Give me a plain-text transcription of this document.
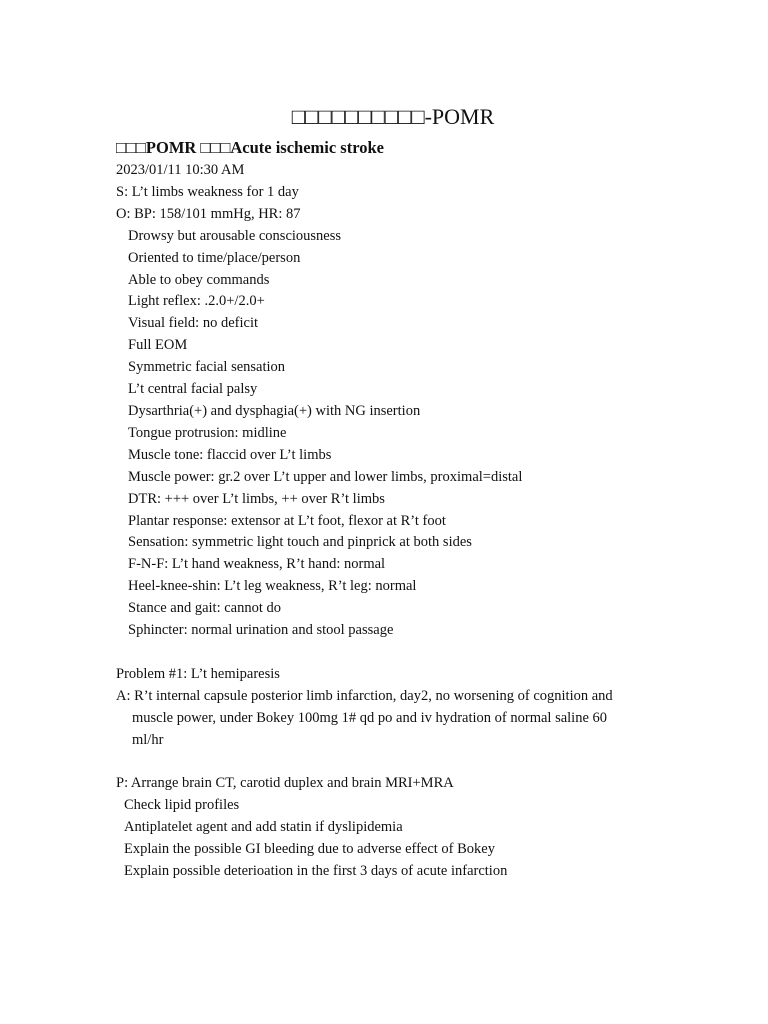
□□□□□□□□□□-POMR
□□□POMR □□□Acute ischemic stroke
2023/01/11 10:30 AM
S: L’t limbs weakness for 1 day
O: BP: 158/101 mmHg, HR: 87
Drowsy but arousable consciousness
Oriented to time/place/person
Able to obey commands
Light reflex: .2.0+/2.0+
Visual field: no deficit
Full EOM
Symmetric facial sensation
L’t central facial palsy
Dysarthria(+) and dysphagia(+) with NG insertion
Tongue protrusion: midline
Muscle tone: flaccid over L’t limbs
Muscle power: gr.2 over L’t upper and lower limbs, proximal=distal
DTR: +++ over L’t limbs, ++ over R’t limbs
Plantar response: extensor at L’t foot, flexor at R’t foot
Sensation: symmetric light touch and pinprick at both sides
F-N-F: L’t hand weakness, R’t hand: normal
Heel-knee-shin: L’t leg weakness, R’t leg: normal
Stance and gait: cannot do
Sphincter: normal urination and stool passage
Problem #1: L’t hemiparesis
A: R’t internal capsule posterior limb infarction, day2, no worsening of cognition and
muscle power, under Bokey 100mg 1# qd po and iv hydration of normal saline 60
ml/hr
P: Arrange brain CT, carotid duplex and brain MRI+MRA
Check lipid profiles
Antiplatelet agent and add statin if dyslipidemia
Explain the possible GI bleeding due to adverse effect of Bokey
Explain possible deterioation in the first 3 days of acute infarction
